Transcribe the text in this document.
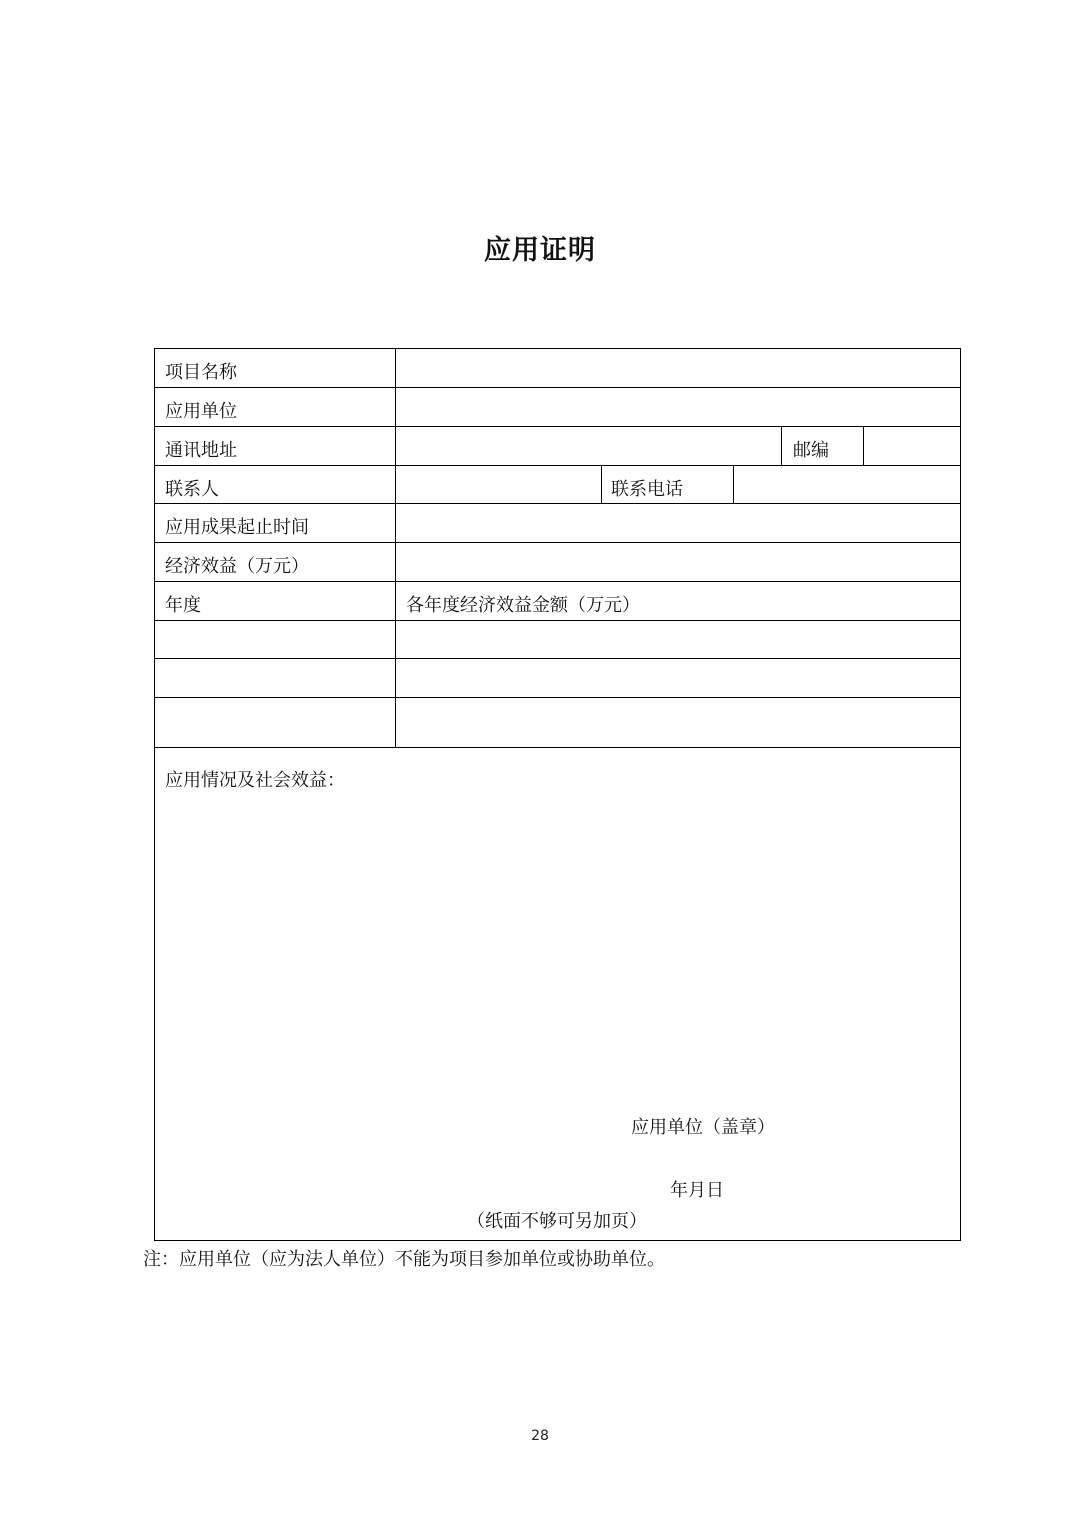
应用证明
项目名称
应用单位
通讯地址	邮编
联系人	联系电话
应用成果起止时间
经济效益（万元）
年度	各年度经济效益金额（万元）
应用情况及社会效益：
应用单位（盖章）
年月日
（纸面不够可另加页）
注：应用单位（应为法人单位）不能为项目参加单位或协助单位。
28
